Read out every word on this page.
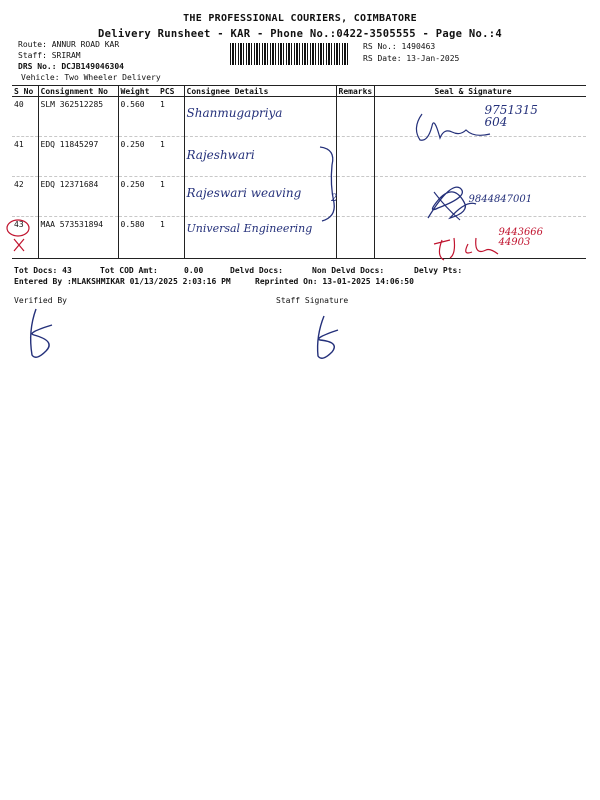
THE PROFESSIONAL COURIERS, COIMBATORE
Delivery Runsheet - KAR - Phone No.:0422-3505555 - Page No.:4
Route: ANNUR ROAD KAR
Staff: SRIRAM
DRS No.: DCJB149046304
Vehicle: Two Wheeler Delivery
RS No.: 1490463
RS Date: 13-Jan-2025
S No	Consignment No	Weight	PCS	Consignee Details	Remarks	Seal & Signature
40	SLM 362512285	0.560	1	Shanmugapriya		9751315 604
41	EDQ 11845297	0.250	1	Rajeshwari		
42	EDQ 12371684	0.250	1	Rajeswari weaving		9844847001
43	MAA 573531894	0.580	1	Universal Engineering		9443666 44903
2
Tot Docs: 43	Tot COD Amt:	0.00	Delvd Docs:	Non Delvd Docs:	Delvy Pts:
Entered By :MLAKSHMIKAR 01/13/2025 2:03:16 PM	Reprinted On: 13-01-2025 14:06:50
Verified By	Staff Signature
